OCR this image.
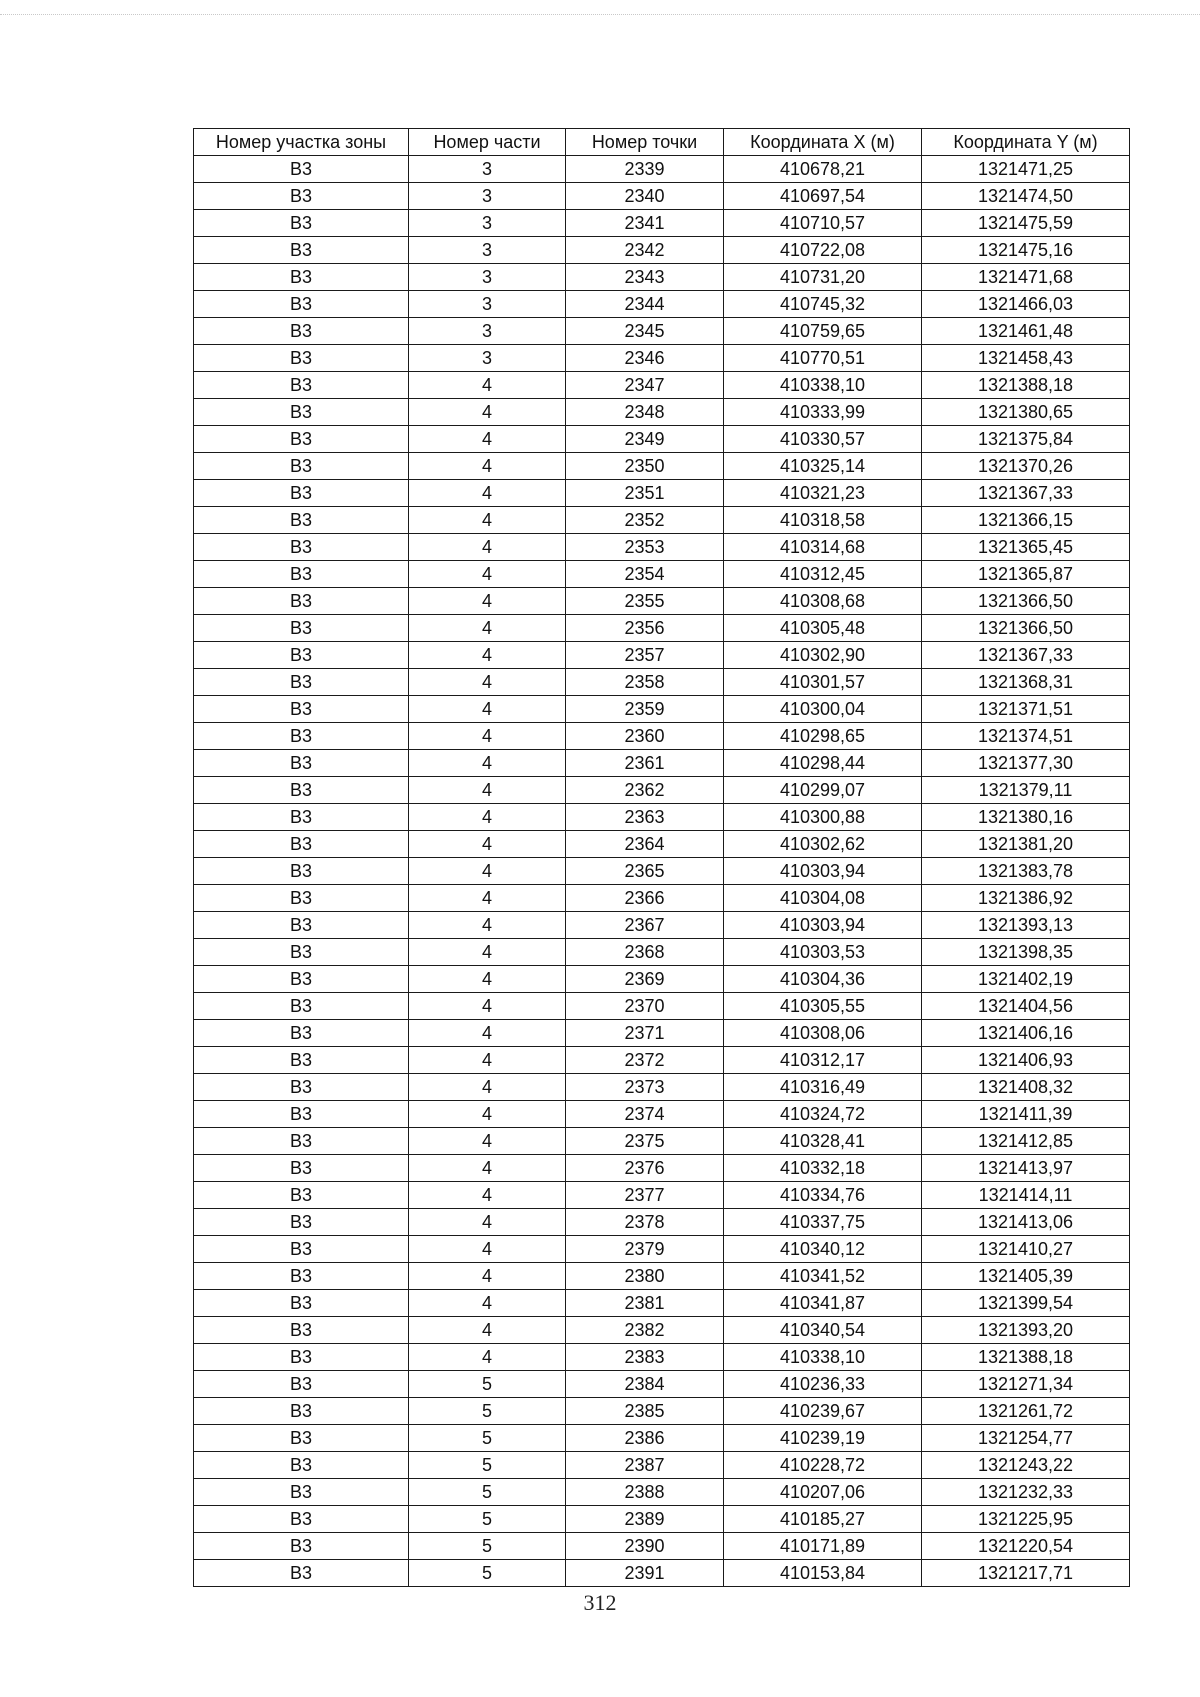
Номер участка зоны	Номер части	Номер точки	Координата X (м)	Координата Y (м)
В3	3	2339	410678,21	1321471,25
В3	3	2340	410697,54	1321474,50
В3	3	2341	410710,57	1321475,59
В3	3	2342	410722,08	1321475,16
В3	3	2343	410731,20	1321471,68
В3	3	2344	410745,32	1321466,03
В3	3	2345	410759,65	1321461,48
В3	3	2346	410770,51	1321458,43
В3	4	2347	410338,10	1321388,18
В3	4	2348	410333,99	1321380,65
В3	4	2349	410330,57	1321375,84
В3	4	2350	410325,14	1321370,26
В3	4	2351	410321,23	1321367,33
В3	4	2352	410318,58	1321366,15
В3	4	2353	410314,68	1321365,45
В3	4	2354	410312,45	1321365,87
В3	4	2355	410308,68	1321366,50
В3	4	2356	410305,48	1321366,50
В3	4	2357	410302,90	1321367,33
В3	4	2358	410301,57	1321368,31
В3	4	2359	410300,04	1321371,51
В3	4	2360	410298,65	1321374,51
В3	4	2361	410298,44	1321377,30
В3	4	2362	410299,07	1321379,11
В3	4	2363	410300,88	1321380,16
В3	4	2364	410302,62	1321381,20
В3	4	2365	410303,94	1321383,78
В3	4	2366	410304,08	1321386,92
В3	4	2367	410303,94	1321393,13
В3	4	2368	410303,53	1321398,35
В3	4	2369	410304,36	1321402,19
В3	4	2370	410305,55	1321404,56
В3	4	2371	410308,06	1321406,16
В3	4	2372	410312,17	1321406,93
В3	4	2373	410316,49	1321408,32
В3	4	2374	410324,72	1321411,39
В3	4	2375	410328,41	1321412,85
В3	4	2376	410332,18	1321413,97
В3	4	2377	410334,76	1321414,11
В3	4	2378	410337,75	1321413,06
В3	4	2379	410340,12	1321410,27
В3	4	2380	410341,52	1321405,39
В3	4	2381	410341,87	1321399,54
В3	4	2382	410340,54	1321393,20
В3	4	2383	410338,10	1321388,18
В3	5	2384	410236,33	1321271,34
В3	5	2385	410239,67	1321261,72
В3	5	2386	410239,19	1321254,77
В3	5	2387	410228,72	1321243,22
В3	5	2388	410207,06	1321232,33
В3	5	2389	410185,27	1321225,95
В3	5	2390	410171,89	1321220,54
В3	5	2391	410153,84	1321217,71
312
